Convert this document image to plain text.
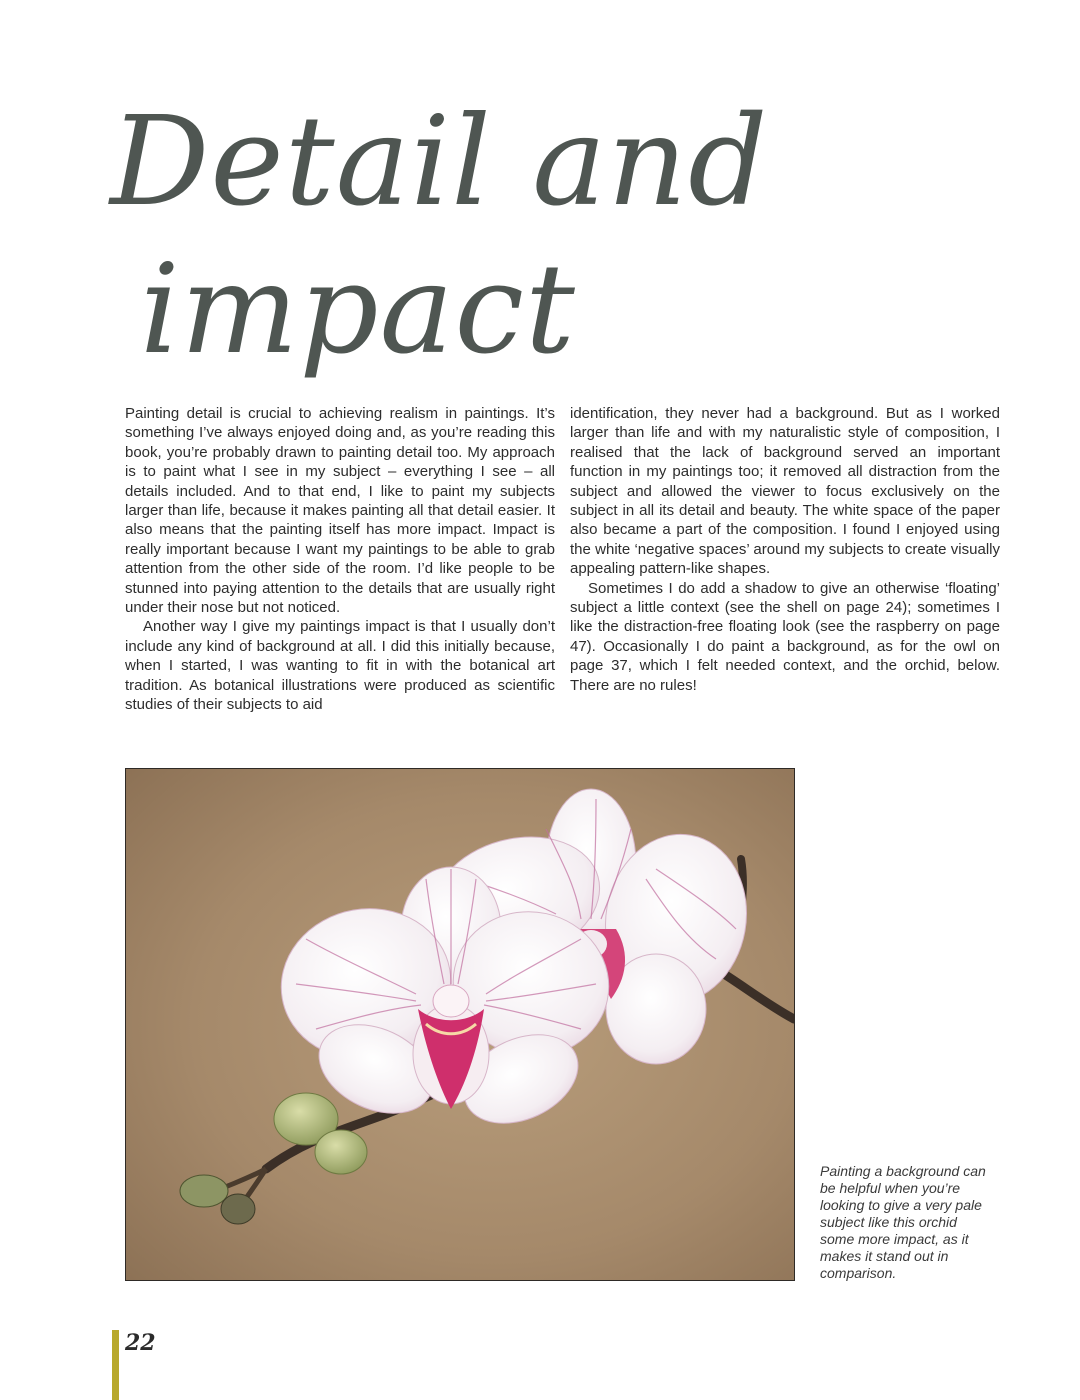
Detail and
impact

Painting detail is crucial to achieving realism in paintings. It’s something I’ve always enjoyed doing and, as you’re reading this book, you’re probably drawn to painting detail too. My approach is to paint what I see in my subject – everything I see – all details included. And to that end, I like to paint my subjects larger than life, because it makes painting all that detail easier. It also means that the painting itself has more impact. Impact is really important because I want my paintings to be able to grab attention from the other side of the room. I’d like people to be stunned into paying attention to the details that are usually right under their nose but not noticed.

Another way I give my paintings impact is that I usually don’t include any kind of background at all. I did this initially because, when I started, I was wanting to fit in with the botanical art tradition. As botanical illustrations were produced as scientific studies of their subjects to aid

identification, they never had a background. But as I worked larger than life and with my naturalistic style of composition, I realised that the lack of background served an important function in my paintings too; it removed all distraction from the subject and allowed the viewer to focus exclusively on the subject in all its detail and beauty. The white space of the paper also became a part of the composition. I found I enjoyed using the white ‘negative spaces’ around my subjects to create visually appealing pattern-like shapes.

Sometimes I do add a shadow to give an otherwise ‘floating’ subject a little context (see the shell on page 24); sometimes I like the distraction-free floating look (see the raspberry on page 47). Occasionally I do paint a background, as for the owl on page 37, which I felt needed context, and the orchid, below. There are no rules!

Painting a background can be helpful when you’re looking to give a very pale subject like this orchid some more impact, as it makes it stand out in comparison.

22
